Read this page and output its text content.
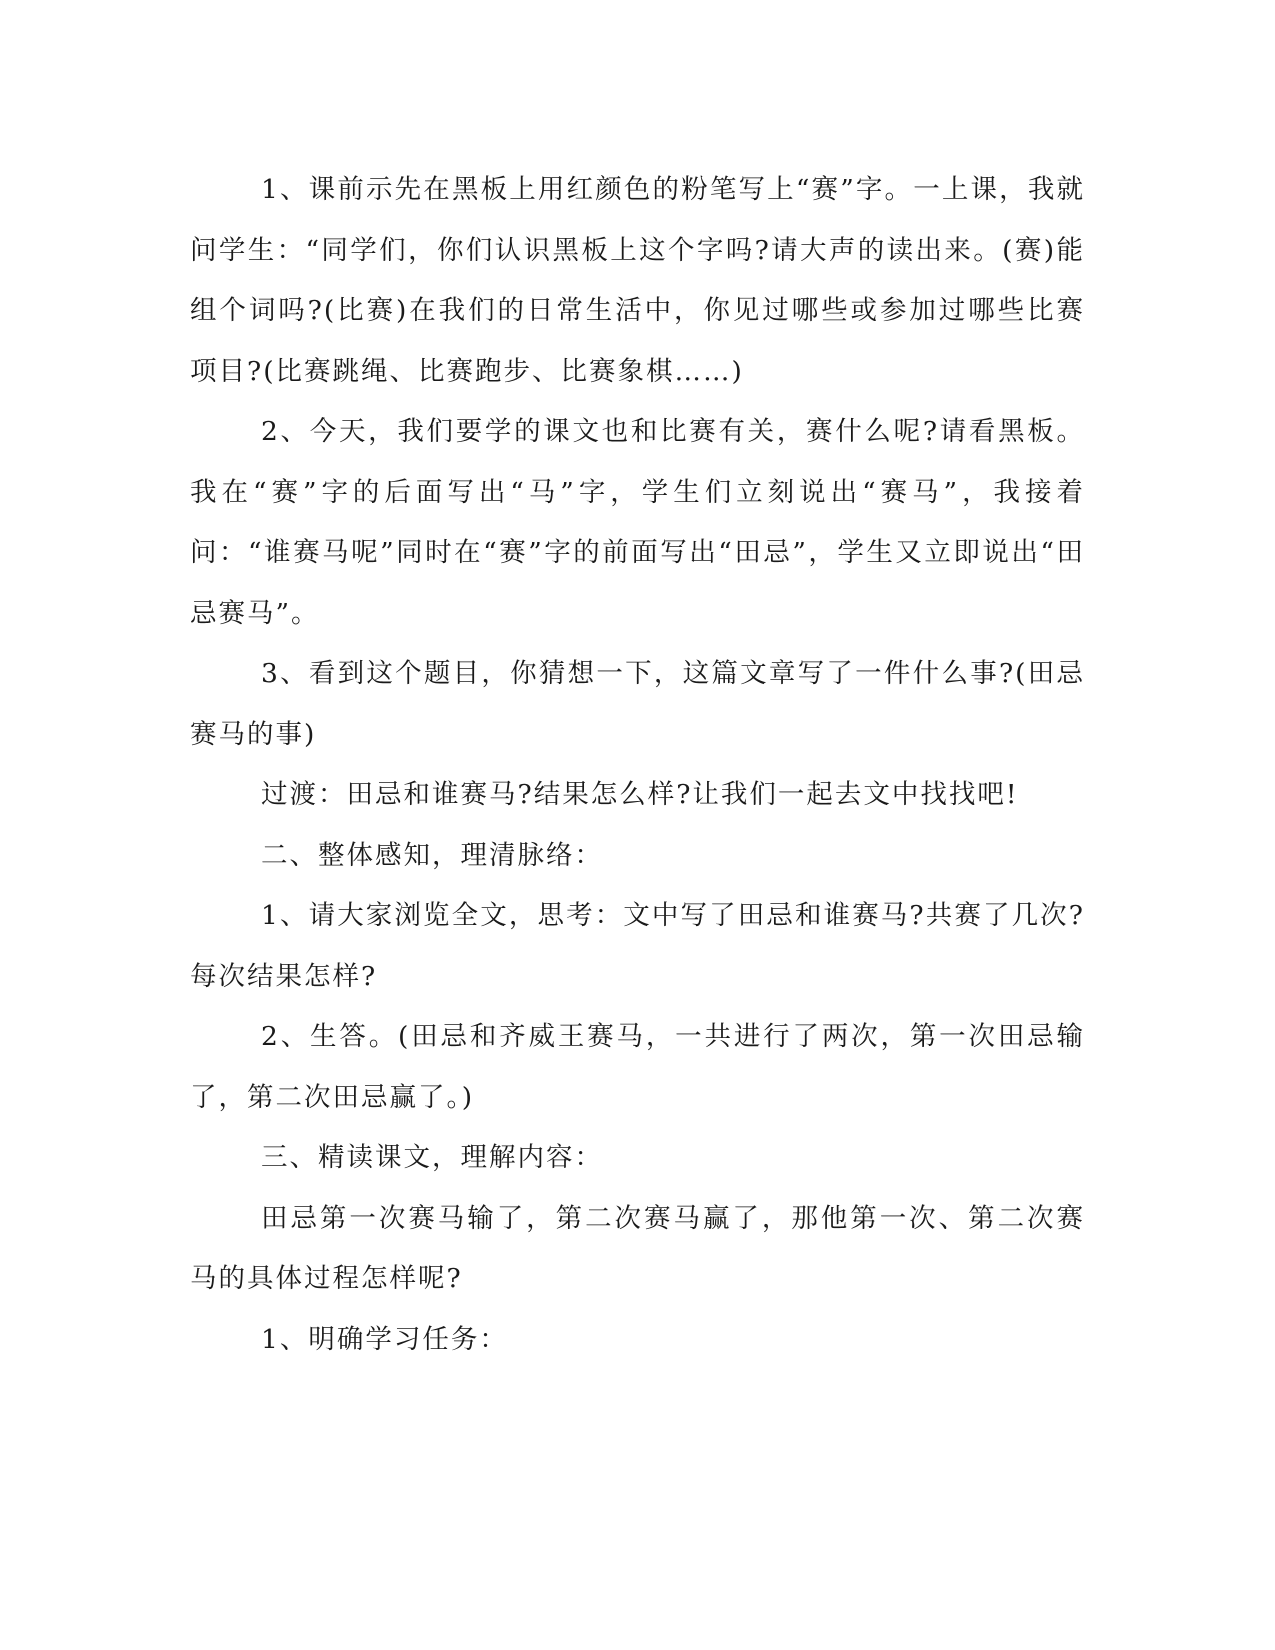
1、课前示先在黑板上用红颜色的粉笔写上“赛”字。一上课，我就问学生：“同学们，你们认识黑板上这个字吗?请大声的读出来。(赛)能组个词吗?(比赛)在我们的日常生活中，你见过哪些或参加过哪些比赛项目?(比赛跳绳、比赛跑步、比赛象棋……)

2、今天，我们要学的课文也和比赛有关，赛什么呢?请看黑板。我在“赛”字的后面写出“马”字，学生们立刻说出“赛马”，我接着问：“谁赛马呢”同时在“赛”字的前面写出“田忌”，学生又立即说出“田忌赛马”。

3、看到这个题目，你猜想一下，这篇文章写了一件什么事?(田忌赛马的事)

过渡：田忌和谁赛马?结果怎么样?让我们一起去文中找找吧!

二、整体感知，理清脉络：

1、请大家浏览全文，思考：文中写了田忌和谁赛马?共赛了几次?每次结果怎样?

2、生答。(田忌和齐威王赛马，一共进行了两次，第一次田忌输了，第二次田忌赢了。)

三、精读课文，理解内容：

田忌第一次赛马输了，第二次赛马赢了，那他第一次、第二次赛马的具体过程怎样呢?

1、明确学习任务：
